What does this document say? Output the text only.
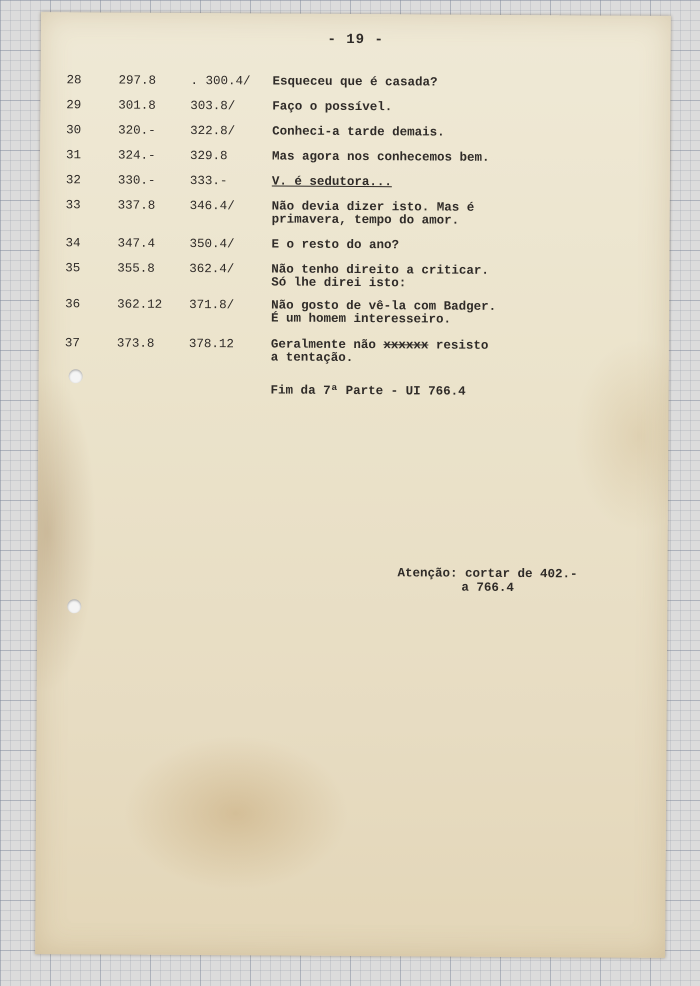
- 19 -
28	297.8	. 300.4/ Esqueceu que é casada?
29	301.8	303.8/	Faço o possível.
30	320.-	322.8/	Conheci-a tarde demais.
31	324.-	329.8	Mas agora nos conhecemos bem.
32	330.-	333.-	V. é sedutora...
33	337.8	346.4/	Não devia dizer isto. Mas é
primavera, tempo do amor.
34	347.4	350.4/	E o resto do ano?
35	355.8	362.4/	Não tenho direito a criticar.
Só lhe direi isto:
36	362.12 371.8/	Não gosto de vê-la com Badger.
É um homem interesseiro.
37	373.8	378.12	Geralmente não xxxxxx resisto
a tentação.
Fim da 7ª Parte - UI 766.4
Atenção: cortar de 402.-
a 766.4
